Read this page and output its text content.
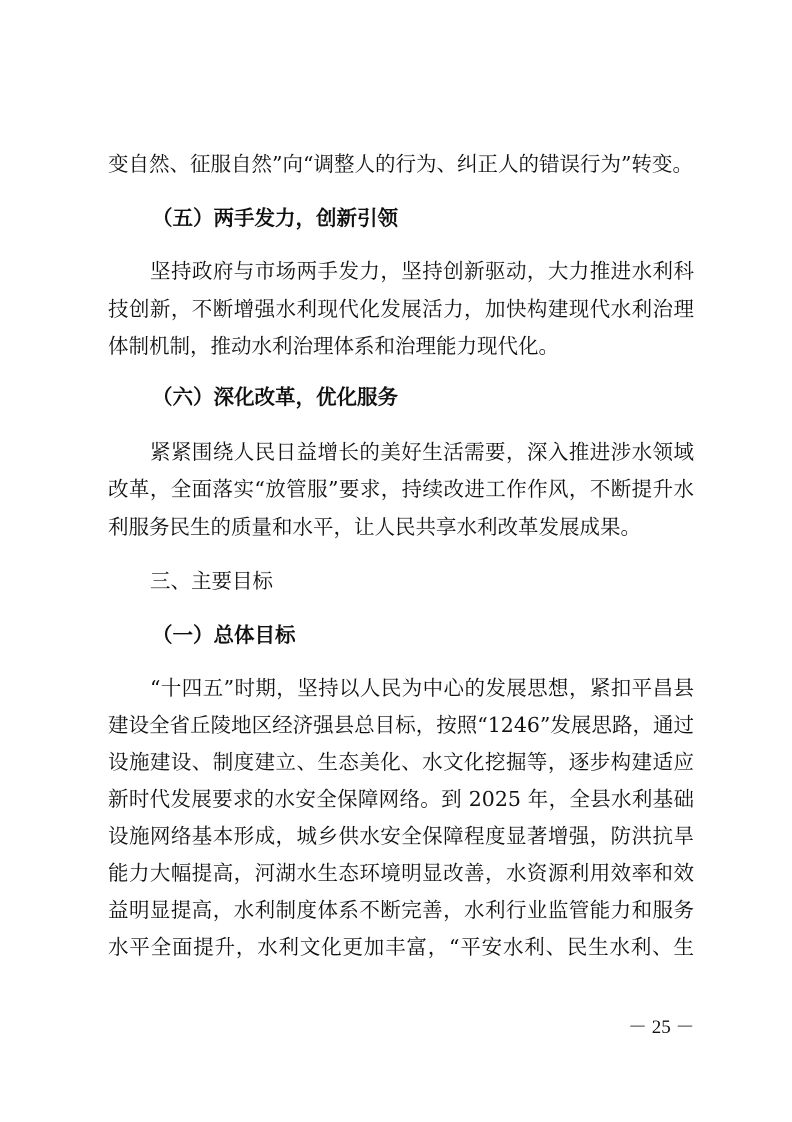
变自然、征服自然”向“调整人的行为、纠正人的错误行为”转变。
（五）两手发力，创新引领
坚持政府与市场两手发力，坚持创新驱动，大力推进水利科
技创新，不断增强水利现代化发展活力，加快构建现代水利治理
体制机制，推动水利治理体系和治理能力现代化。
（六）深化改革，优化服务
紧紧围绕人民日益增长的美好生活需要，深入推进涉水领域
改革，全面落实“放管服”要求，持续改进工作作风，不断提升水
利服务民生的质量和水平，让人民共享水利改革发展成果。
三、主要目标
（一）总体目标
“十四五”时期，坚持以人民为中心的发展思想，紧扣平昌县
建设全省丘陵地区经济强县总目标，按照“1246”发展思路，通过
设施建设、制度建立、生态美化、水文化挖掘等，逐步构建适应
新时代发展要求的水安全保障网络。到 2025 年，全县水利基础
设施网络基本形成，城乡供水安全保障程度显著增强，防洪抗旱
能力大幅提高，河湖水生态环境明显改善，水资源利用效率和效
益明显提高，水利制度体系不断完善，水利行业监管能力和服务
水平全面提升，水利文化更加丰富，“平安水利、民生水利、生
－ 25 －
